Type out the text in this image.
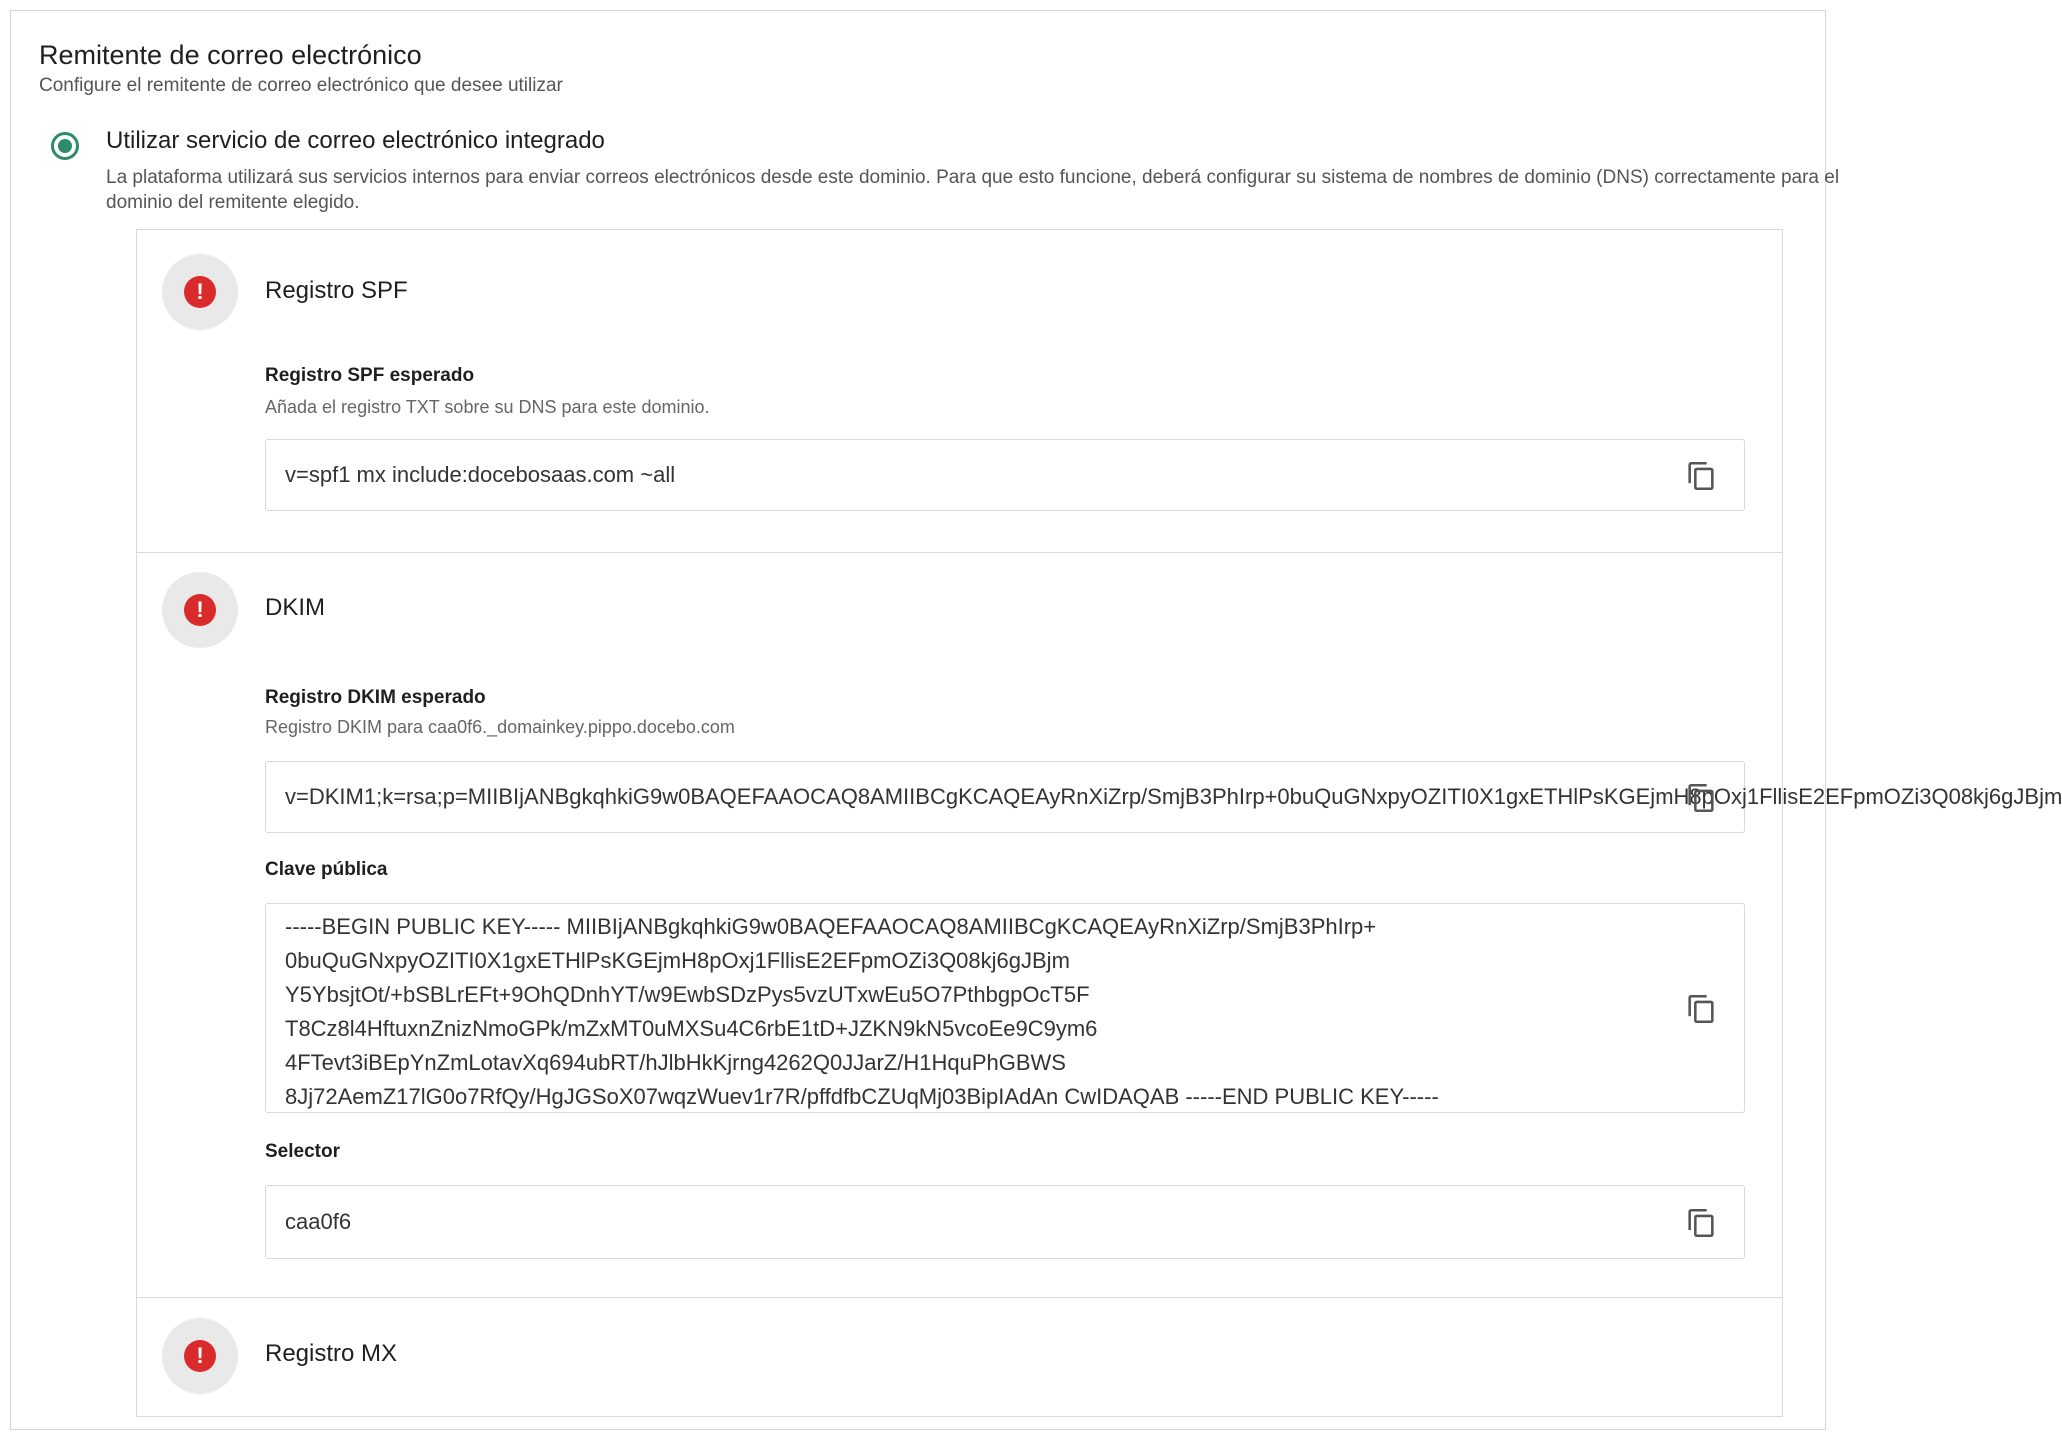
Remitente de correo electrónico
Configure el remitente de correo electrónico que desee utilizar
Utilizar servicio de correo electrónico integrado
La plataforma utilizará sus servicios internos para enviar correos electrónicos desde este dominio. Para que esto funcione, deberá configurar su sistema de nombres de dominio (DNS) correctamente para el dominio del remitente elegido.
!	Registro SPF
Registro SPF esperado
Añada el registro TXT sobre su DNS para este dominio.
v=spf1 mx include:docebosaas.com ~all
!	DKIM
Registro DKIM esperado
Registro DKIM para caa0f6._domainkey.pippo.docebo.com
v=DKIM1;k=rsa;p=MIIBIjANBgkqhkiG9w0BAQEFAAOCAQ8AMIIBCgKCAQEAyRnXiZrp/SmjB3PhIrp+0buQuGNxpyOZITI0X1gxETHlPsKGEjmH8pOxj1FllisE2EFpmOZi3Q08kj6gJBjm
Clave pública
-----BEGIN PUBLIC KEY----- MIIBIjANBgkqhkiG9w0BAQEFAAOCAQ8AMIIBCgKCAQEAyRnXiZrp/SmjB3PhIrp+
0buQuGNxpyOZITI0X1gxETHlPsKGEjmH8pOxj1FllisE2EFpmOZi3Q08kj6gJBjm
Y5YbsjtOt/+bSBLrEFt+9OhQDnhYT/w9EwbSDzPys5vzUTxwEu5O7PthbgpOcT5F
T8Cz8l4HftuxnZnizNmoGPk/mZxMT0uMXSu4C6rbE1tD+JZKN9kN5vcoEe9C9ym6
4FTevt3iBEpYnZmLotavXq694ubRT/hJlbHkKjrng4262Q0JJarZ/H1HquPhGBWS
8Jj72AemZ17lG0o7RfQy/HgJGSoX07wqzWuev1r7R/pffdfbCZUqMj03BipIAdAn CwIDAQAB -----END PUBLIC KEY-----
Selector
caa0f6
!	Registro MX
